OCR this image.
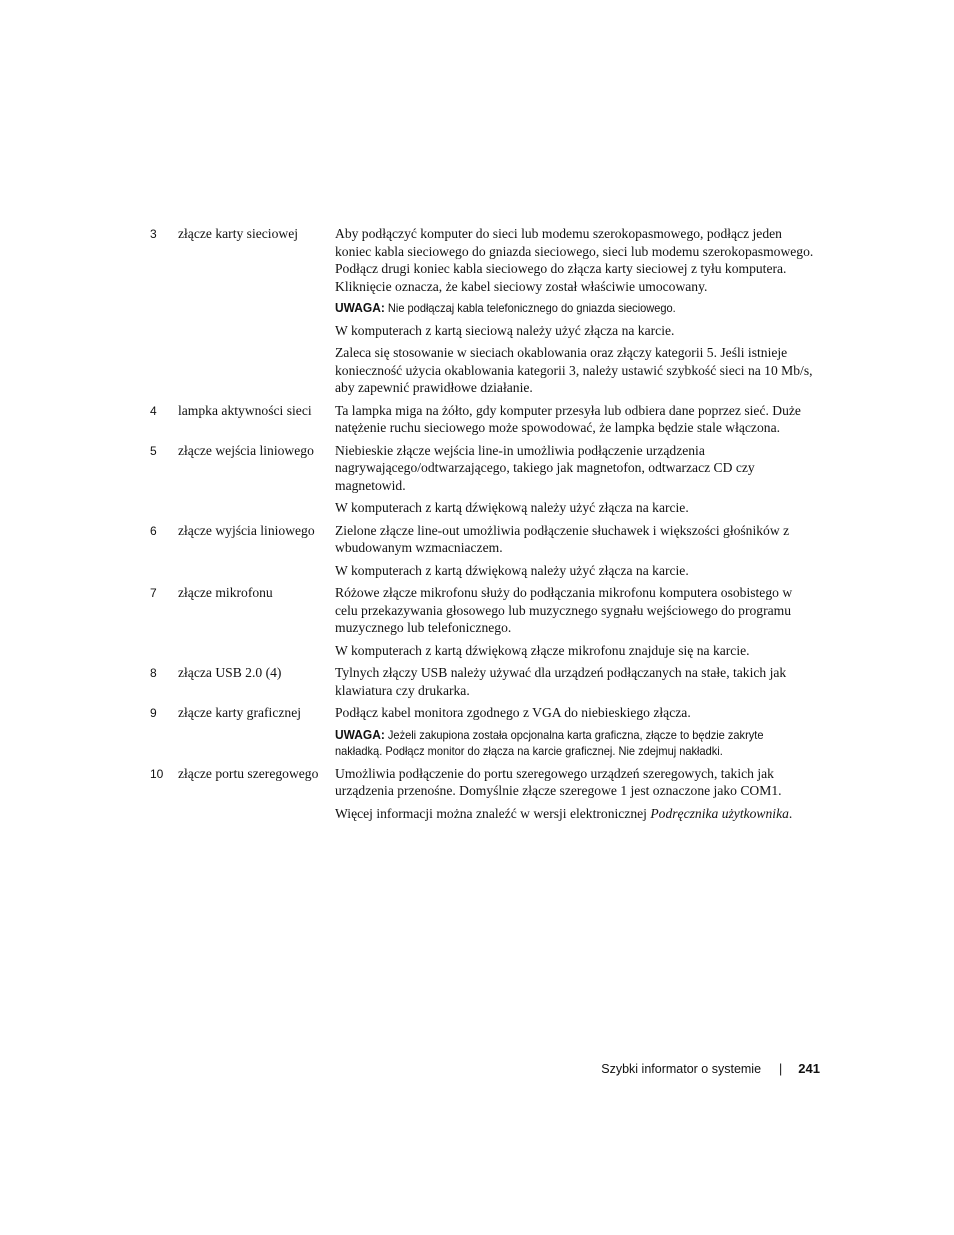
3	złącze karty sieciowej	Aby podłączyć komputer do sieci lub modemu szerokopasmowego, podłącz jeden koniec kabla sieciowego do gniazda sieciowego, sieci lub modemu szerokopasmowego. Podłącz drugi koniec kabla sieciowego do złącza karty sieciowej z tyłu komputera. Kliknięcie oznacza, że kabel sieciowy został właściwie umocowany.

UWAGA: Nie podłączaj kabla telefonicznego do gniazda sieciowego.

W komputerach z kartą sieciową należy użyć złącza na karcie.

Zaleca się stosowanie w sieciach okablowania oraz złączy kategorii 5. Jeśli istnieje konieczność użycia okablowania kategorii 3, należy ustawić szybkość sieci na 10 Mb/s, aby zapewnić prawidłowe działanie.

4	lampka aktywności sieci	Ta lampka miga na żółto, gdy komputer przesyła lub odbiera dane poprzez sieć. Duże natężenie ruchu sieciowego może spowodować, że lampka będzie stale włączona.

5	złącze wejścia liniowego	Niebieskie złącze wejścia line-in umożliwia podłączenie urządzenia nagrywającego/odtwarzającego, takiego jak magnetofon, odtwarzacz CD czy magnetowid.

W komputerach z kartą dźwiękową należy użyć złącza na karcie.

6	złącze wyjścia liniowego	Zielone złącze line-out umożliwia podłączenie słuchawek i większości głośników z wbudowanym wzmacniaczem.

W komputerach z kartą dźwiękową należy użyć złącza na karcie.

7	złącze mikrofonu	Różowe złącze mikrofonu służy do podłączania mikrofonu komputera osobistego w celu przekazywania głosowego lub muzycznego sygnału wejściowego do programu muzycznego lub telefonicznego.

W komputerach z kartą dźwiękową złącze mikrofonu znajduje się na karcie.

8	złącza USB 2.0 (4)	Tylnych złączy USB należy używać dla urządzeń podłączanych na stałe, takich jak klawiatura czy drukarka.

9	złącze karty graficznej	Podłącz kabel monitora zgodnego z VGA do niebieskiego złącza.

UWAGA: Jeżeli zakupiona została opcjonalna karta graficzna, złącze to będzie zakryte nakładką. Podłącz monitor do złącza na karcie graficznej. Nie zdejmuj nakładki.

10	złącze portu szeregowego	Umożliwia podłączenie do portu szeregowego urządzeń szeregowych, takich jak urządzenia przenośne. Domyślnie złącze szeregowe 1 jest oznaczone jako COM1.

Więcej informacji można znaleźć w wersji elektronicznej Podręcznika użytkownika.

Szybki informator o systemie | 241
